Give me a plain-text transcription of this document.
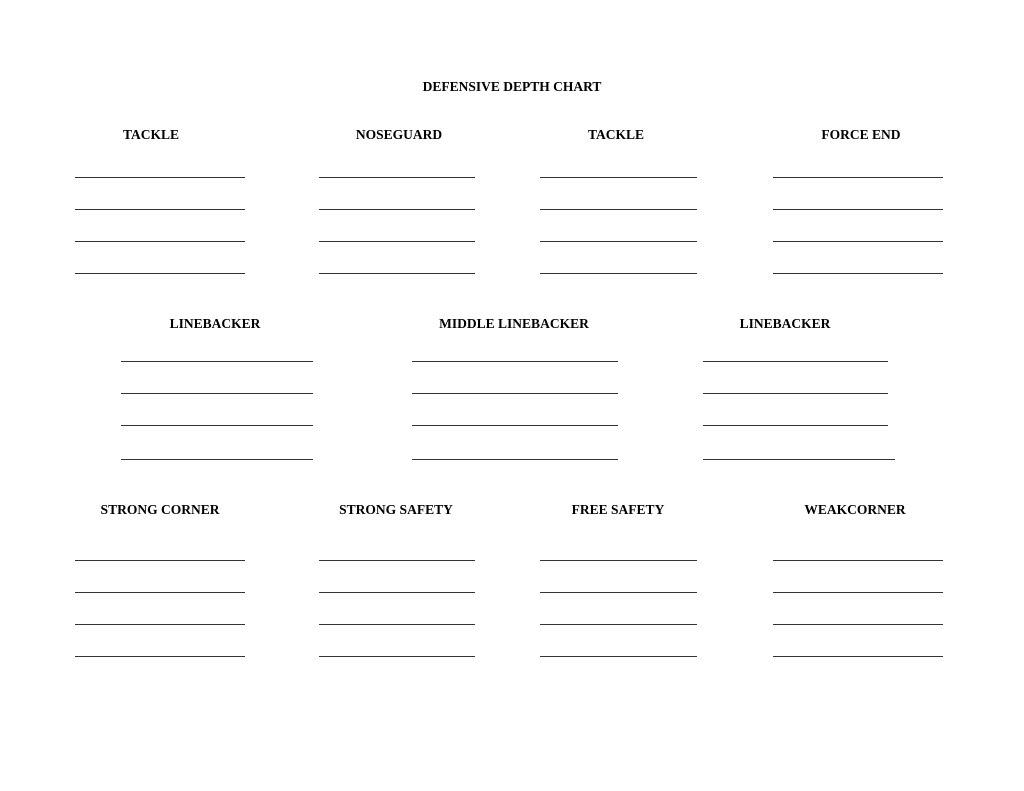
DEFENSIVE DEPTH CHART
TACKLE	NOSEGUARD	TACKLE	FORCE END
LINEBACKER	MIDDLE LINEBACKER	LINEBACKER
STRONG CORNER	STRONG SAFETY	FREE SAFETY	WEAKCORNER
